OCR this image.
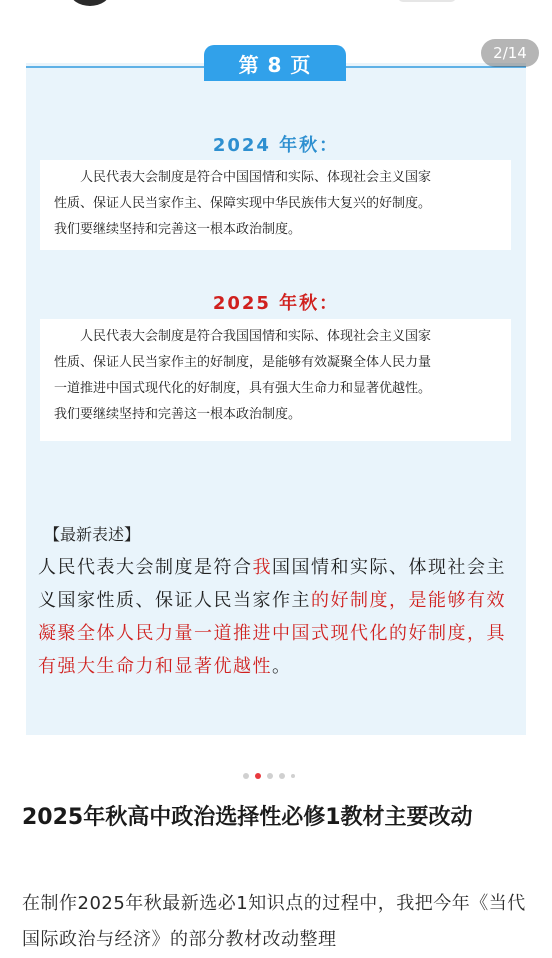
第 8 页	2/14
2024 年秋：
人民代表大会制度是符合中国国情和实际、体现社会主义国家
性质、保证人民当家作主、保障实现中华民族伟大复兴的好制度。
我们要继续坚持和完善这一根本政治制度。
2025 年秋：
人民代表大会制度是符合我国国情和实际、体现社会主义国家
性质、保证人民当家作主的好制度，是能够有效凝聚全体人民力量
一道推进中国式现代化的好制度，具有强大生命力和显著优越性。
我们要继续坚持和完善这一根本政治制度。
【最新表述】
人民代表大会制度是符合我国国情和实际、体现社会主义国家性质、保证人民当家作主的好制度，是能够有效凝聚全体人民力量一道推进中国式现代化的好制度，具有强大生命力和显著优越性。
2025年秋高中政治选择性必修1教材主要改动
在制作2025年秋最新选必1知识点的过程中，我把今年《当代国际政治与经济》的部分教材改动整理
